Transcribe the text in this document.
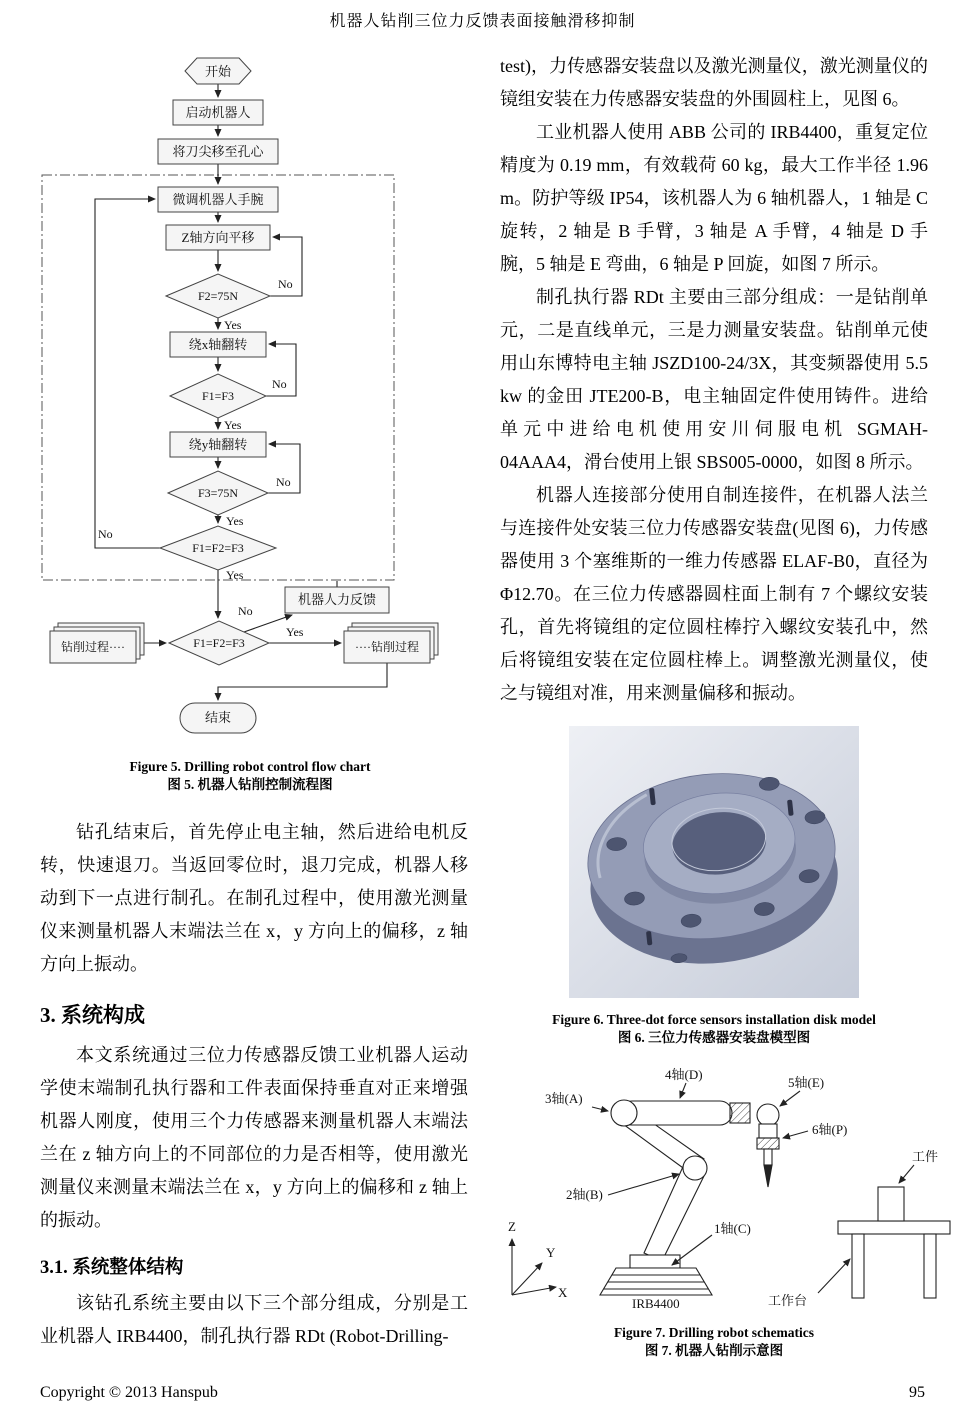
机器人钻削三位力反馈表面接触滑移抑制
开始
启动机器人
将刀尖移至孔心
微调机器人手腕
Z轴方向平移
F2=75N
绕x轴翻转
F1=F3
绕y轴翻转
F3=75N
F1=F2=F3
机器人力反馈
钻削过程····	F1=F2=F3	····钻削过程
结束
Yes
No
Yes
No
Yes
No
Yes
No
Yes
No
Figure 5. Drilling robot control flow chart
图 5. 机器人钻削控制流程图

钻孔结束后，首先停止电主轴，然后进给电机反转，快速退刀。当返回零位时，退刀完成，机器人移动到下一点进行制孔。在制孔过程中，使用激光测量仪来测量机器人末端法兰在 x，y 方向上的偏移，z 轴方向上振动。

3. 系统构成

本文系统通过三位力传感器反馈工业机器人运动学使末端制孔执行器和工件表面保持垂直对正来增强机器人刚度，使用三个力传感器来测量机器人末端法兰在 z 轴方向上的不同部位的力是否相等，使用激光测量仪来测量末端法兰在 x，y 方向上的偏移和 z 轴上的振动。

3.1. 系统整体结构

该钻孔系统主要由以下三个部分组成，分别是工业机器人 IRB4400，制孔执行器 RDt (Robot-Drilling-

test)，力传感器安装盘以及激光测量仪，激光测量仪的镜组安装在力传感器安装盘的外围圆柱上，见图 6。

工业机器人使用 ABB 公司的 IRB4400，重复定位精度为 0.19 mm，有效载荷 60 kg，最大工作半径 1.96 m。防护等级 IP54，该机器人为 6 轴机器人，1 轴是 C 旋转，2 轴是 B 手臂，3 轴是 A 手臂，4 轴是 D 手腕，5 轴是 E 弯曲，6 轴是 P 回旋，如图 7 所示。

制孔执行器 RDt 主要由三部分组成：一是钻削单元，二是直线单元，三是力测量安装盘。钻削单元使用山东博特电主轴 JSZD100-24/3X，其变频器使用 5.5 kw 的金田 JTE200-B，电主轴固定件使用铸件。进给单元中进给电机使用安川伺服电机 SGMAH-04AAA4，滑台使用上银 SBS005-0000，如图 8 所示。

机器人连接部分使用自制连接件，在机器人法兰与连接件处安装三位力传感器安装盘(见图 6)，力传感器使用 3 个塞维斯的一维力传感器 ELAF-B0，直径为 Φ12.70。在三位力传感器圆柱面上制有 7 个螺纹安装孔，首先将镜组的定位圆柱棒拧入螺纹安装孔中，然后将镜组安装在定位圆柱棒上。调整激光测量仪，使之与镜组对准，用来测量偏移和振动。

Figure 6. Three-dot force sensors installation disk model
图 6. 三位力传感器安装盘模型图
Z
Y
X
3轴(A)
4轴(D)
5轴(E)
6轴(P)
2轴(B)
1轴(C)
工件
工作台
IRB4400
Figure 7. Drilling robot schematics
图 7. 机器人钻削示意图
Copyright © 2013 Hanspub	95
